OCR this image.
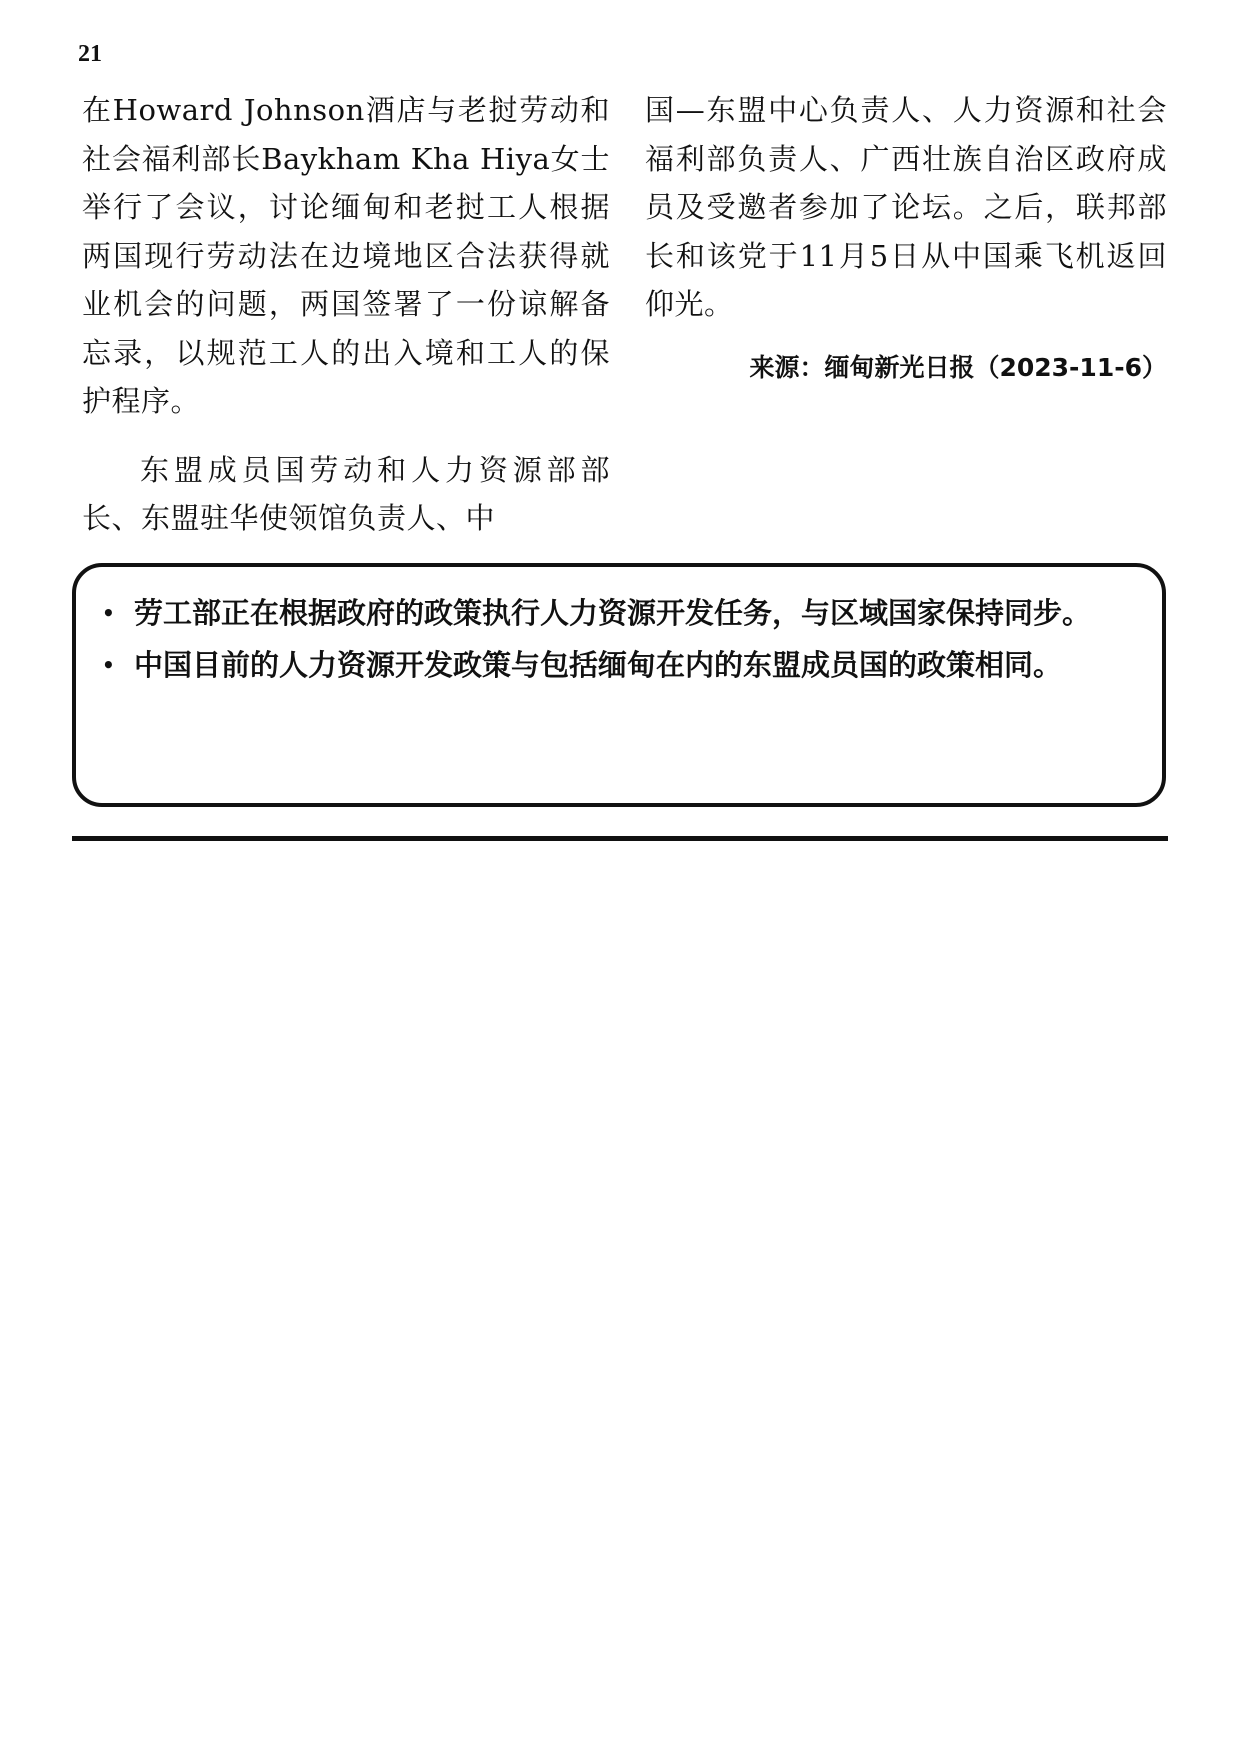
21

在Howard Johnson酒店与老挝劳动和社会福利部长Baykham Kha Hiya女士举行了会议，讨论缅甸和老挝工人根据两国现行劳动法在边境地区合法获得就业机会的问题，两国签署了一份谅解备忘录，以规范工人的出入境和工人的保护程序。

东盟成员国劳动和人力资源部部长、东盟驻华使领馆负责人、中

国—东盟中心负责人、人力资源和社会福利部负责人、广西壮族自治区政府成员及受邀者参加了论坛。之后，联邦部长和该党于11月5日从中国乘飞机返回仰光。

来源：缅甸新光日报（2023-11-6）

• 劳工部正在根据政府的政策执行人力资源开发任务，与区域国家保持同步。
• 中国目前的人力资源开发政策与包括缅甸在内的东盟成员国的政策相同。
